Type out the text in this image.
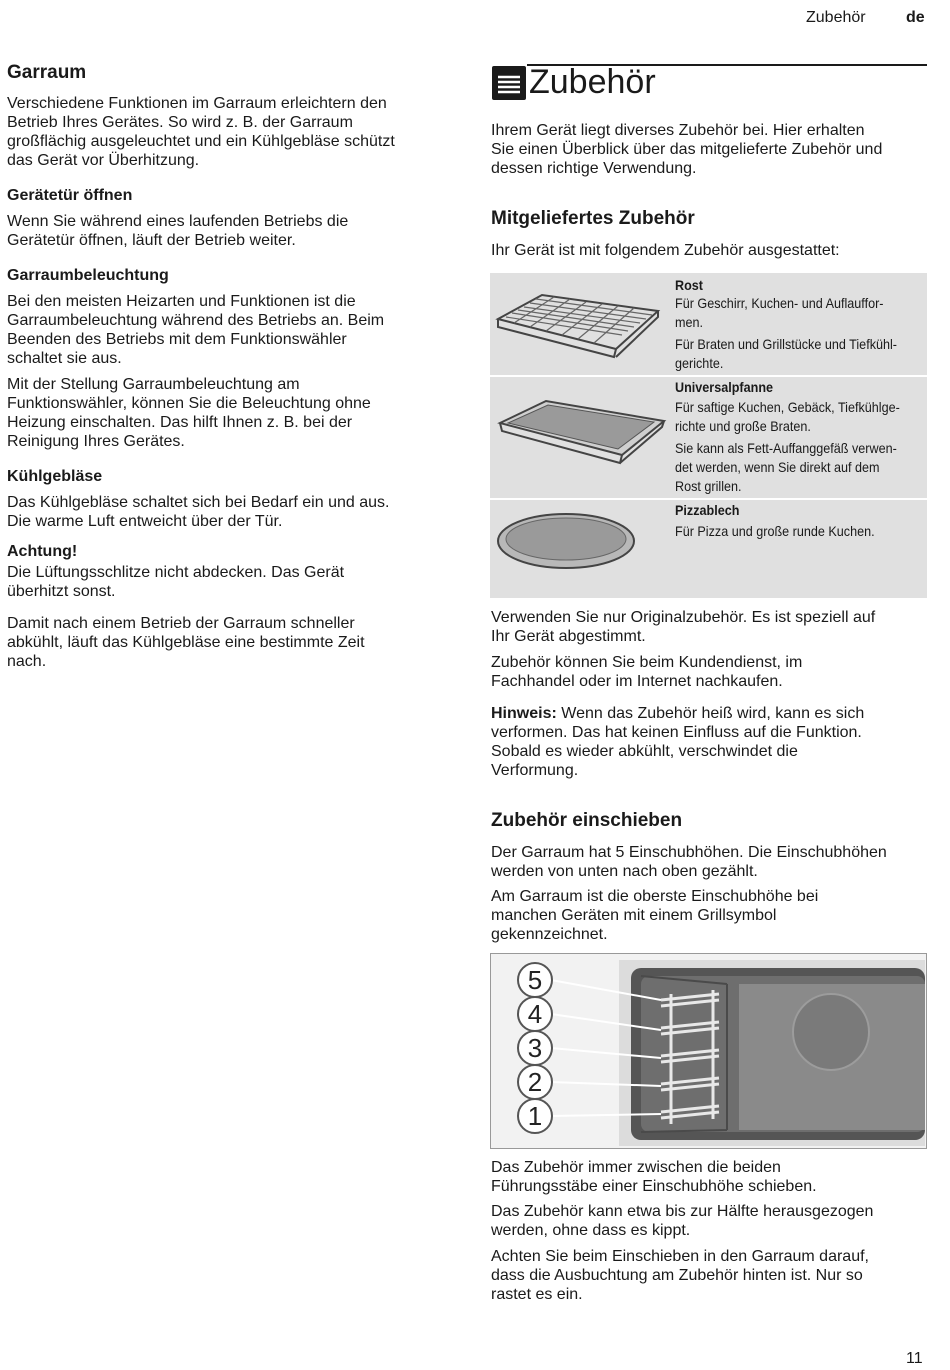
Zubehör	de
Garraum
Verschiedene Funktionen im Garraum erleichtern den
Betrieb Ihres Gerätes. So wird z. B. der Garraum
großflächig ausgeleuchtet und ein Kühlgebläse schützt
das Gerät vor Überhitzung.
Gerätetür öffnen
Wenn Sie während eines laufenden Betriebs die
Gerätetür öffnen, läuft der Betrieb weiter.
Garraumbeleuchtung
Bei den meisten Heizarten und Funktionen ist die
Garraumbeleuchtung während des Betriebs an. Beim
Beenden des Betriebs mit dem Funktionswähler
schaltet sie aus.
Mit der Stellung Garraumbeleuchtung am
Funktionswähler, können Sie die Beleuchtung ohne
Heizung einschalten. Das hilft Ihnen z. B. bei der
Reinigung Ihres Gerätes.
Kühlgebläse
Das Kühlgebläse schaltet sich bei Bedarf ein und aus.
Die warme Luft entweicht über der Tür.
Achtung!
Die Lüftungsschlitze nicht abdecken. Das Gerät
überhitzt sonst.
Damit nach einem Betrieb der Garraum schneller
abkühlt, läuft das Kühlgebläse eine bestimmte Zeit
nach.
Zubehör
Ihrem Gerät liegt diverses Zubehör bei. Hier erhalten
Sie einen Überblick über das mitgelieferte Zubehör und
dessen richtige Verwendung.
Mitgeliefertes Zubehör
Ihr Gerät ist mit folgendem Zubehör ausgestattet:
Rost
Für Geschirr, Kuchen- und Auflauffor-
men.
Für Braten und Grillstücke und Tiefkühl-
gerichte.
Universalpfanne
Für saftige Kuchen, Gebäck, Tiefkühlge-
richte und große Braten.
Sie kann als Fett-Auffanggefäß verwen-
det werden, wenn Sie direkt auf dem
Rost grillen.
Pizzablech
Für Pizza und große runde Kuchen.
Verwenden Sie nur Originalzubehör. Es ist speziell auf
Ihr Gerät abgestimmt.
Zubehör können Sie beim Kundendienst, im
Fachhandel oder im Internet nachkaufen.
Hinweis: Wenn das Zubehör heiß wird, kann es sich
verformen. Das hat keinen Einfluss auf die Funktion.
Sobald es wieder abkühlt, verschwindet die
Verformung.
Zubehör einschieben
Der Garraum hat 5 Einschubhöhen. Die Einschubhöhen
werden von unten nach oben gezählt.
Am Garraum ist die oberste Einschubhöhe bei
manchen Geräten mit einem Grillsymbol
gekennzeichnet.
5
4
3
2
1
Das Zubehör immer zwischen die beiden
Führungsstäbe einer Einschubhöhe schieben.
Das Zubehör kann etwa bis zur Hälfte herausgezogen
werden, ohne dass es kippt.
Achten Sie beim Einschieben in den Garraum darauf,
dass die Ausbuchtung am Zubehör hinten ist. Nur so
rastet es ein.
11
